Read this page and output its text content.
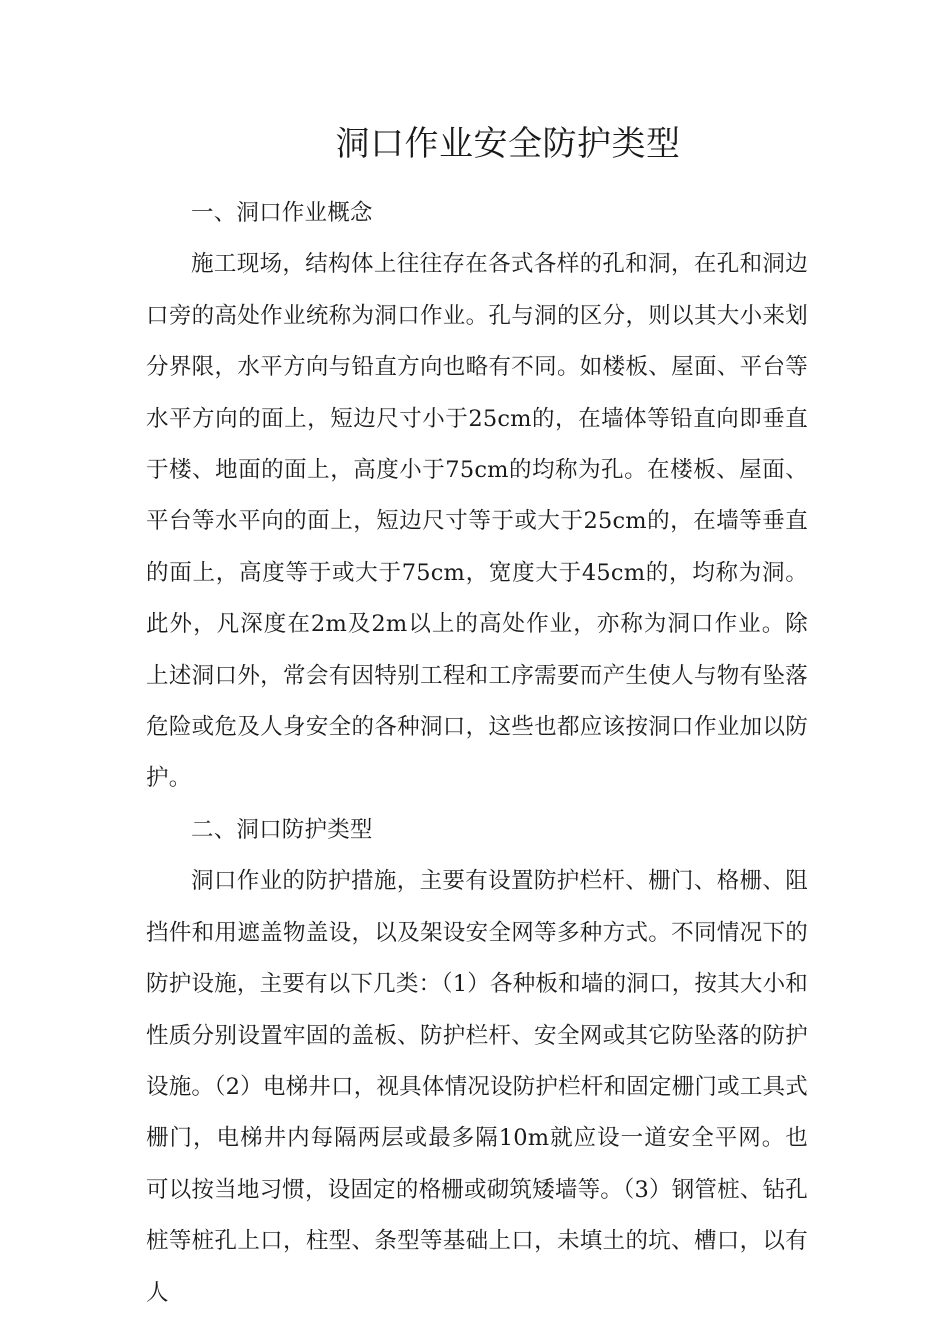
洞口作业安全防护类型

一、洞口作业概念

施工现场，结构体上往往存在各式各样的孔和洞，在孔和洞边口旁的高处作业统称为洞口作业。孔与洞的区分，则以其大小来划分界限，水平方向与铅直方向也略有不同。如楼板、屋面、平台等水平方向的面上，短边尺寸小于25cm的，在墙体等铅直向即垂直于楼、地面的面上，高度小于75cm的均称为孔。在楼板、屋面、平台等水平向的面上，短边尺寸等于或大于25cm的，在墙等垂直的面上，高度等于或大于75cm，宽度大于45cm的，均称为洞。此外，凡深度在2m及2m以上的高处作业，亦称为洞口作业。除上述洞口外，常会有因特别工程和工序需要而产生使人与物有坠落危险或危及人身安全的各种洞口，这些也都应该按洞口作业加以防护。

二、洞口防护类型

洞口作业的防护措施，主要有设置防护栏杆、栅门、格栅、阻挡件和用遮盖物盖设，以及架设安全网等多种方式。不同情况下的防护设施，主要有以下几类：（1）各种板和墙的洞口，按其大小和性质分别设置牢固的盖板、防护栏杆、安全网或其它防坠落的防护设施。（2）电梯井口，视具体情况设防护栏杆和固定栅门或工具式栅门，电梯井内每隔两层或最多隔10m就应设一道安全平网。也可以按当地习惯，设固定的格栅或砌筑矮墙等。（3）钢管桩、钻孔桩等桩孔上口，柱型、条型等基础上口，未填土的坑、槽口，以有人
